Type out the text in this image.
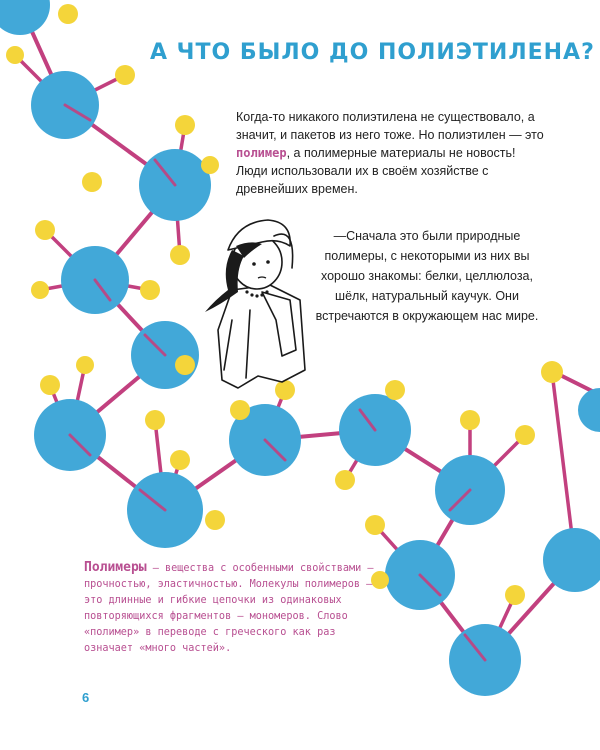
А ЧТО БЫЛО ДО ПОЛИЭТИЛЕНА?

Когда-то никакого полиэтилена не существовало, а значит, и пакетов из него тоже. Но полиэтилен — это полимер, а полимерные материалы не новость! Люди использовали их в своём хозяйстве с древнейших времен.

—Сначала это были природные полимеры, с некоторыми из них вы хорошо знакомы: белки, целлюлоза, шёлк, натуральный каучук. Они встречаются в окружающем нас мире.

Полимеры — вещества с особенными свойствами — прочностью, эластичностью. Молекулы полимеров — это длинные и гибкие цепочки из одинаковых повторяющихся фрагментов — мономеров. Слово «полимер» в переводе с греческого как раз означает «много частей».

6
